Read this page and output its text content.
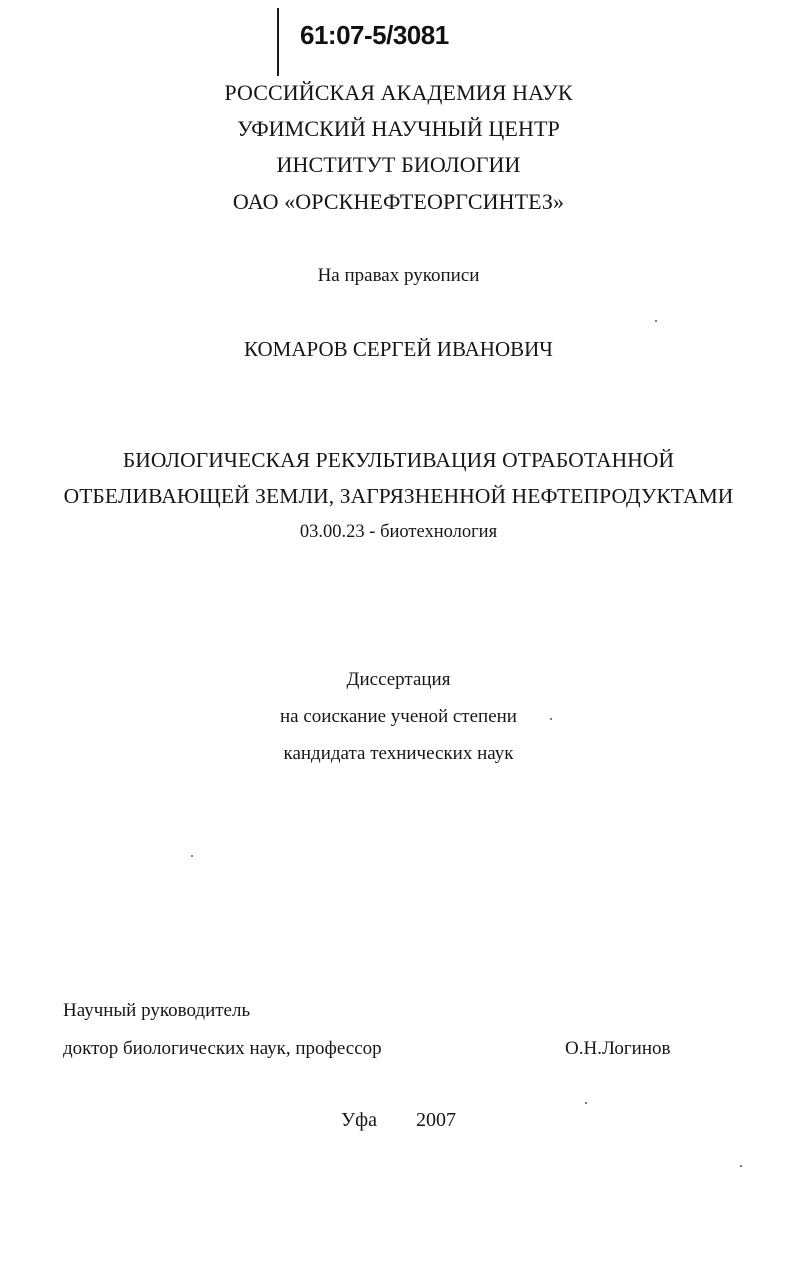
61:07-5/3081
РОССИЙСКАЯ АКАДЕМИЯ НАУК
УФИМСКИЙ НАУЧНЫЙ ЦЕНТР
ИНСТИТУТ БИОЛОГИИ
ОАО «ОРСКНЕФТЕОРГСИНТЕЗ»
На правах рукописи
КОМАРОВ СЕРГЕЙ ИВАНОВИЧ
БИОЛОГИЧЕСКАЯ РЕКУЛЬТИВАЦИЯ ОТРАБОТАННОЙ
ОТБЕЛИВАЮЩЕЙ ЗЕМЛИ, ЗАГРЯЗНЕННОЙ НЕФТЕПРОДУКТАМИ
03.00.23 - биотехнология
Диссертация
на соискание ученой степени
кандидата технических наук
Научный руководитель
доктор биологических наук, профессор	О.Н.Логинов
Уфа   2007
